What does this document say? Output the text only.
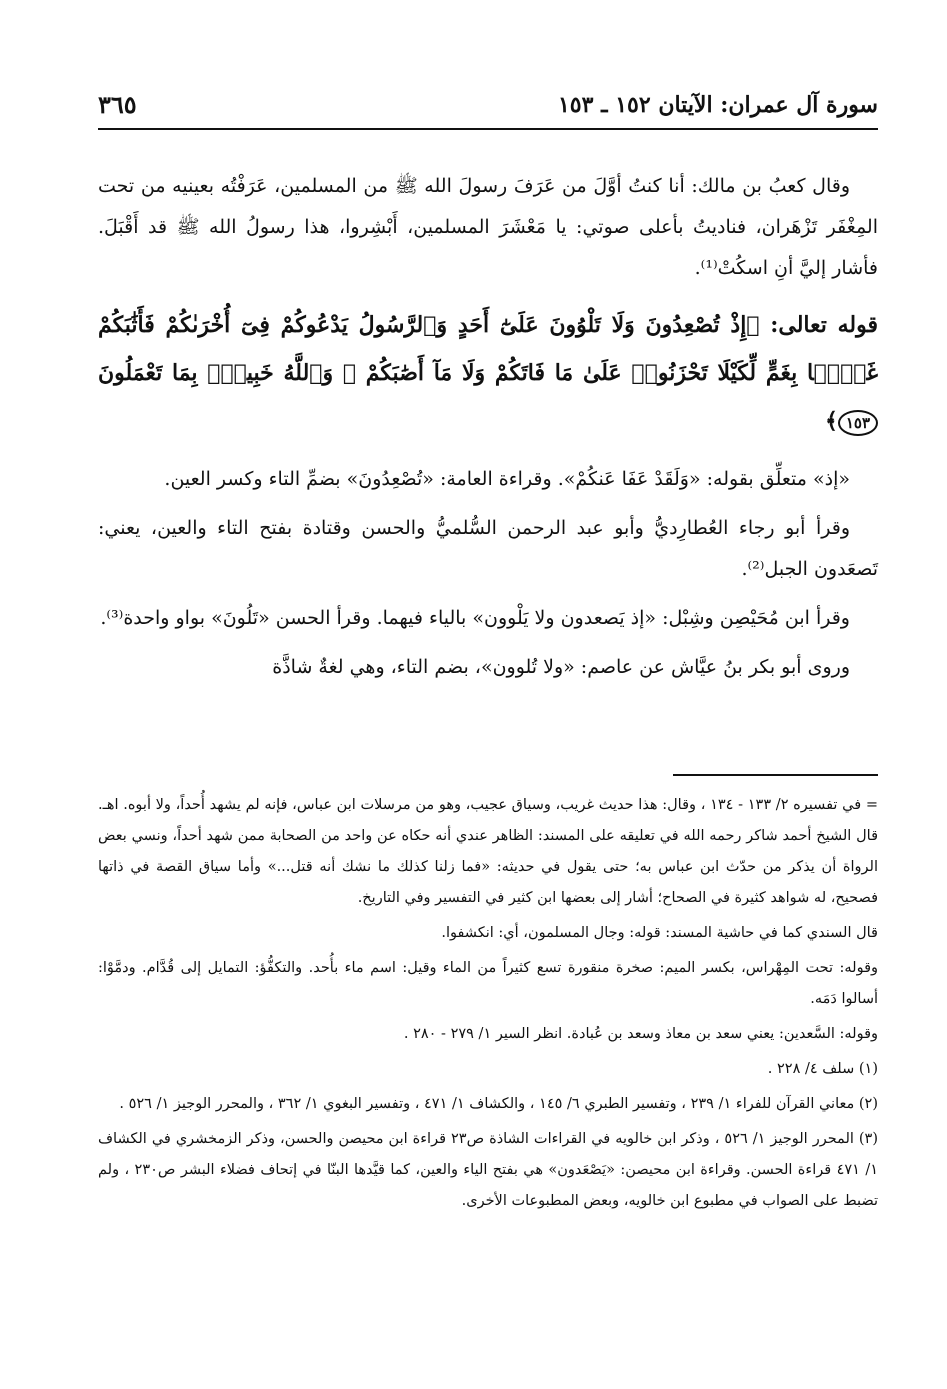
سورة آل عمران: الآيتان ١٥٢ ـ ١٥٣
٣٦٥

وقال كعبُ بن مالك: أنا كنتُ أوَّلَ من عَرَفَ رسولَ الله ﷺ من المسلمين، عَرَفْتُه بعينيه من تحت المِغْفَر تَزْهَران، فناديتُ بأعلى صوتي: يا مَعْشَرَ المسلمين، أَبْشِروا، هذا رسولُ الله ﷺ قد أَقْبَلَ. فأشار إليَّ أنِ اسكُتْ⁽¹⁾.

قوله تعالى: ﴿إِذْ تُصْعِدُونَ وَلَا تَلْوُونَ عَلَىٰٓ أَحَدٍ وَٱلرَّسُولُ يَدْعُوكُمْ فِىٓ أُخْرَىٰكُمْ فَأَثَٰبَكُمْ غَمًّۢا بِغَمٍّ لِّكَيْلَا تَحْزَنُوا۟ عَلَىٰ مَا فَاتَكُمْ وَلَا مَآ أَصَٰبَكُمْ ۗ وَٱللَّهُ خَبِيرٌۢ بِمَا تَعْمَلُونَ ١٥٣﴾

«إذ» متعلِّق بقوله: «وَلَقَدْ عَفَا عَنكُمْ». وقراءة العامة: «تُصْعِدُونَ» بضمِّ التاء وكسر العين.

وقرأ أبو رجاء العُطارِديُّ وأبو عبد الرحمن السُّلميُّ والحسن وقتادة بفتح التاء والعين، يعني: تَصعَدون الجبل⁽²⁾.

وقرأ ابن مُحَيْصِن وشِبْل: «إذ يَصعدون ولا يَلْوون» بالياء فيهما. وقرأ الحسن «تَلُونَ» بواو واحدة⁽³⁾.

وروى أبو بكر بنُ عيَّاش عن عاصم: «ولا تُلوون»، بضم التاء، وهي لغةٌ شاذَّة

= في تفسيره ٢/ ١٣٣ - ١٣٤ ، وقال: هذا حديث غريب، وسياق عجيب، وهو من مرسلات ابن عباس، فإنه لم يشهد أُحداً، ولا أبوه. اهـ. قال الشيخ أحمد شاكر رحمه الله في تعليقه على المسند: الظاهر عندي أنه حكاه عن واحد من الصحابة ممن شهد أحداً، ونسي بعض الرواة أن يذكر من حدّث ابن عباس به؛ حتى يقول في حديثه: «فما زلنا كذلك ما نشك أنه قتل...» وأما سياق القصة في ذاتها فصحيح، له شواهد كثيرة في الصحاح؛ أشار إلى بعضها ابن كثير في التفسير وفي التاريخ.

قال السندي كما في حاشية المسند: قوله: وجال المسلمون، أي: انكشفوا.

وقوله: تحت المِهْراس، بكسر الميم: صخرة منقورة تسع كثيراً من الماء وقيل: اسم ماء بأُحد. والتكفُّؤ: التمايل إلى قُدَّام. ودمَّوْا: أسالوا دَمَه.

وقوله: السَّعدين: يعني سعد بن معاذ وسعد بن عُبادة. انظر السير ١/ ٢٧٩ - ٢٨٠ .

(١) سلف ٤/ ٢٢٨ .

(٢) معاني القرآن للفراء ١/ ٢٣٩ ، وتفسير الطبري ٦/ ١٤٥ ، والكشاف ١/ ٤٧١ ، وتفسير البغوي ١/ ٣٦٢ ، والمحرر الوجيز ١/ ٥٢٦ .

(٣) المحرر الوجيز ١/ ٥٢٦ ، وذكر ابن خالويه في القراءات الشاذة ص٢٣ قراءة ابن محيصن والحسن، وذكر الزمخشري في الكشاف ١/ ٤٧١ قراءة الحسن. وقراءة ابن محيصن: «يَصْعَدون» هي بفتح الياء والعين، كما قيَّدها البنّا في إتحاف فضلاء البشر ص٢٣٠ ، ولم تضبط على الصواب في مطبوع ابن خالويه، وبعض المطبوعات الأخرى.
